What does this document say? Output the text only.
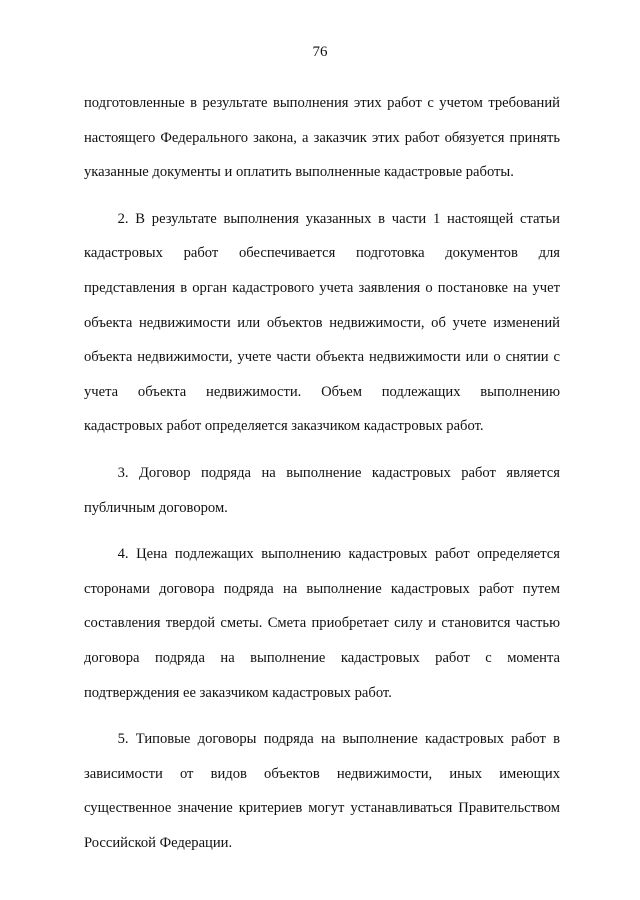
76

подготовленные в результате выполнения этих работ с учетом требований настоящего Федерального закона, а заказчик этих работ обязуется принять указанные документы и оплатить выполненные кадастровые работы.

2. В результате выполнения указанных в части 1 настоящей статьи кадастровых работ обеспечивается подготовка документов для представления в орган кадастрового учета заявления о постановке на учет объекта недвижимости или объектов недвижимости, об учете изменений объекта недвижимости, учете части объекта недвижимости или о снятии с учета объекта недвижимости. Объем подлежащих выполнению кадастровых работ определяется заказчиком кадастровых работ.

3. Договор подряда на выполнение кадастровых работ является публичным договором.

4. Цена подлежащих выполнению кадастровых работ определяется сторонами договора подряда на выполнение кадастровых работ путем составления твердой сметы. Смета приобретает силу и становится частью договора подряда на выполнение кадастровых работ с момента подтверждения ее заказчиком кадастровых работ.

5. Типовые договоры подряда на выполнение кадастровых работ в зависимости от видов объектов недвижимости, иных имеющих существенное значение критериев могут устанавливаться Правительством Российской Федерации.
